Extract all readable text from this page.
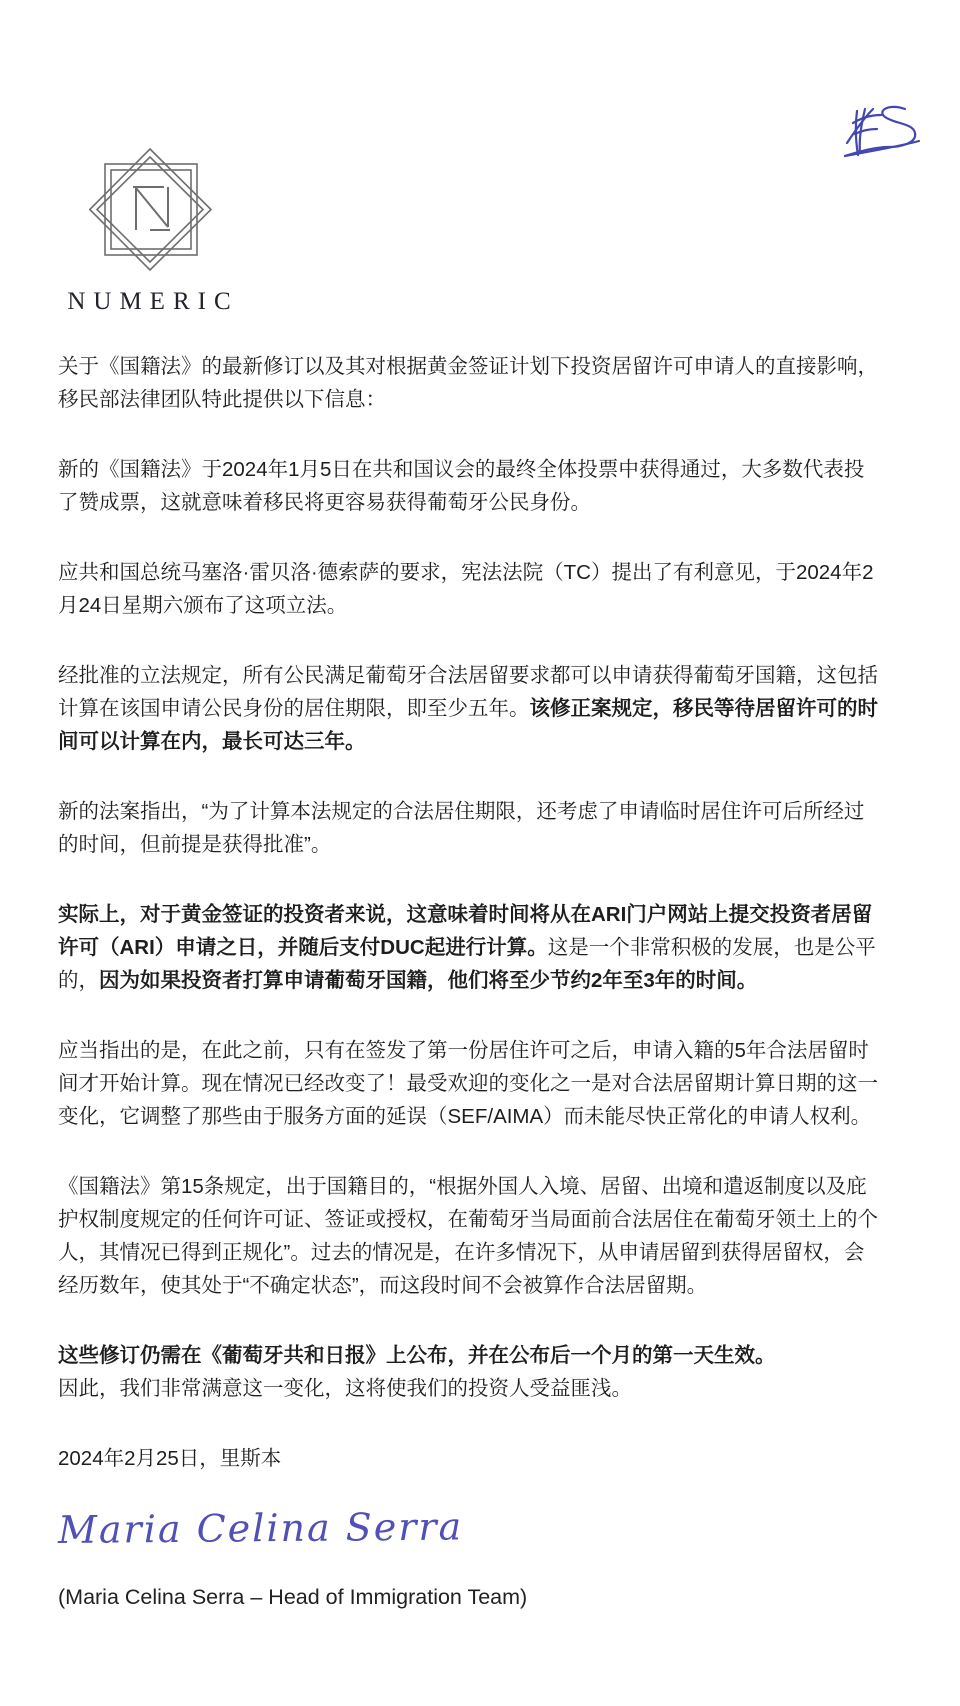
NUMERIC

关于《国籍法》的最新修订以及其对根据黄金签证计划下投资居留许可申请人的直接影响，移民部法律团队特此提供以下信息：

新的《国籍法》于2024年1月5日在共和国议会的最终全体投票中获得通过，大多数代表投了赞成票，这就意味着移民将更容易获得葡萄牙公民身份。

应共和国总统马塞洛·雷贝洛·德索萨的要求，宪法法院（TC）提出了有利意见，于2024年2月24日星期六颁布了这项立法。

经批准的立法规定，所有公民满足葡萄牙合法居留要求都可以申请获得葡萄牙国籍，这包括计算在该国申请公民身份的居住期限，即至少五年。该修正案规定，移民等待居留许可的时间可以计算在内，最长可达三年。

新的法案指出，“为了计算本法规定的合法居住期限，还考虑了申请临时居住许可后所经过的时间，但前提是获得批准”。

实际上，对于黄金签证的投资者来说，这意味着时间将从在ARI门户网站上提交投资者居留许可（ARI）申请之日，并随后支付DUC起进行计算。这是一个非常积极的发展，也是公平的，因为如果投资者打算申请葡萄牙国籍，他们将至少节约2年至3年的时间。

应当指出的是，在此之前，只有在签发了第一份居住许可之后，申请入籍的5年合法居留时间才开始计算。现在情况已经改变了！最受欢迎的变化之一是对合法居留期计算日期的这一变化，它调整了那些由于服务方面的延误（SEF/AIMA）而未能尽快正常化的申请人权利。

《国籍法》第15条规定，出于国籍目的，“根据外国人入境、居留、出境和遣返制度以及庇护权制度规定的任何许可证、签证或授权，在葡萄牙当局面前合法居住在葡萄牙领土上的个人，其情况已得到正规化”。过去的情况是，在许多情况下，从申请居留到获得居留权，会经历数年，使其处于“不确定状态”，而这段时间不会被算作合法居留期。

这些修订仍需在《葡萄牙共和日报》上公布，并在公布后一个月的第一天生效。
因此，我们非常满意这一变化，这将使我们的投资人受益匪浅。

2024年2月25日，里斯本
Maria Celina Serra
(Maria Celina Serra – Head of Immigration Team)
